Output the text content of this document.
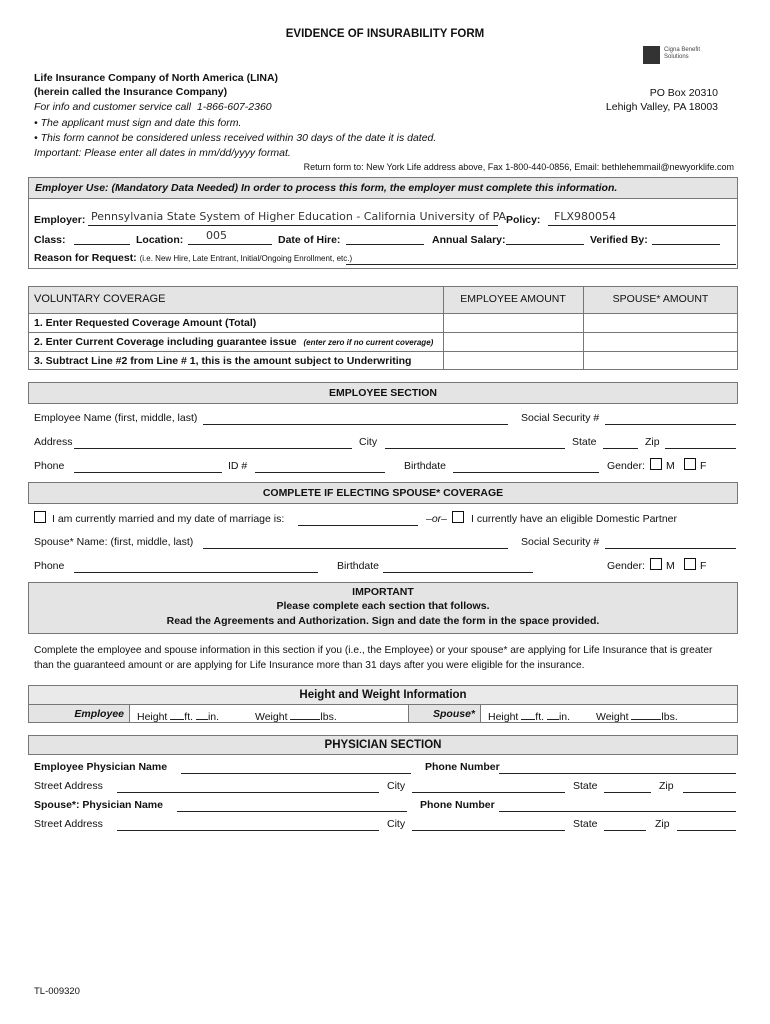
EVIDENCE OF INSURABILITY FORM
Cigna Benefit
Solutions
Life Insurance Company of North America (LINA)
(herein called the Insurance Company)
For info and customer service call 1-866-607-2360
• The applicant must sign and date this form.
• This form cannot be considered unless received within 30 days of the date it is dated.
Important: Please enter all dates in mm/dd/yyyy format.
PO Box 20310
Lehigh Valley, PA 18003
Return form to: New York Life address above, Fax 1-800-440-0856, Email: bethlehemmail@newyorklife.com
Employer Use: (Mandatory Data Needed) In order to process this form, the employer must complete this information.
Employer: Pennsylvania State System of Higher Education - California University of PA Policy: FLX980054
Class:	Location: 005	Date of Hire:	Annual Salary:	Verified By:
Reason for Request: (i.e. New Hire, Late Entrant, Initial/Ongoing Enrollment, etc.)
VOLUNTARY COVERAGE	EMPLOYEE AMOUNT	SPOUSE* AMOUNT
1. Enter Requested Coverage Amount (Total)
2. Enter Current Coverage including guarantee issue (enter zero if no current coverage)
3. Subtract Line #2 from Line # 1, this is the amount subject to Underwriting
EMPLOYEE SECTION
Employee Name (first, middle, last)	Social Security #
Address	City	State	Zip
Phone	ID #	Birthdate	Gender: M F
COMPLETE IF ELECTING SPOUSE* COVERAGE
I am currently married and my date of marriage is:	–or– I currently have an eligible Domestic Partner
Spouse* Name: (first, middle, last)	Social Security #
Phone	Birthdate	Gender: M F
IMPORTANT
Please complete each section that follows.
Read the Agreements and Authorization. Sign and date the form in the space provided.
Complete the employee and spouse information in this section if you (i.e., the Employee) or your spouse* are applying for Life Insurance that is greater
than the guaranteed amount or are applying for Life Insurance more than 31 days after you were eligible for the insurance.
Height and Weight Information
Employee Height ft. in.	Weight	lbs.	Spouse* Height ft. in. Weight	lbs.
PHYSICIAN SECTION
Employee Physician Name	Phone Number
Street Address	City	State	Zip
Spouse*: Physician Name	Phone Number
Street Address	City	State	Zip
TL-009320
